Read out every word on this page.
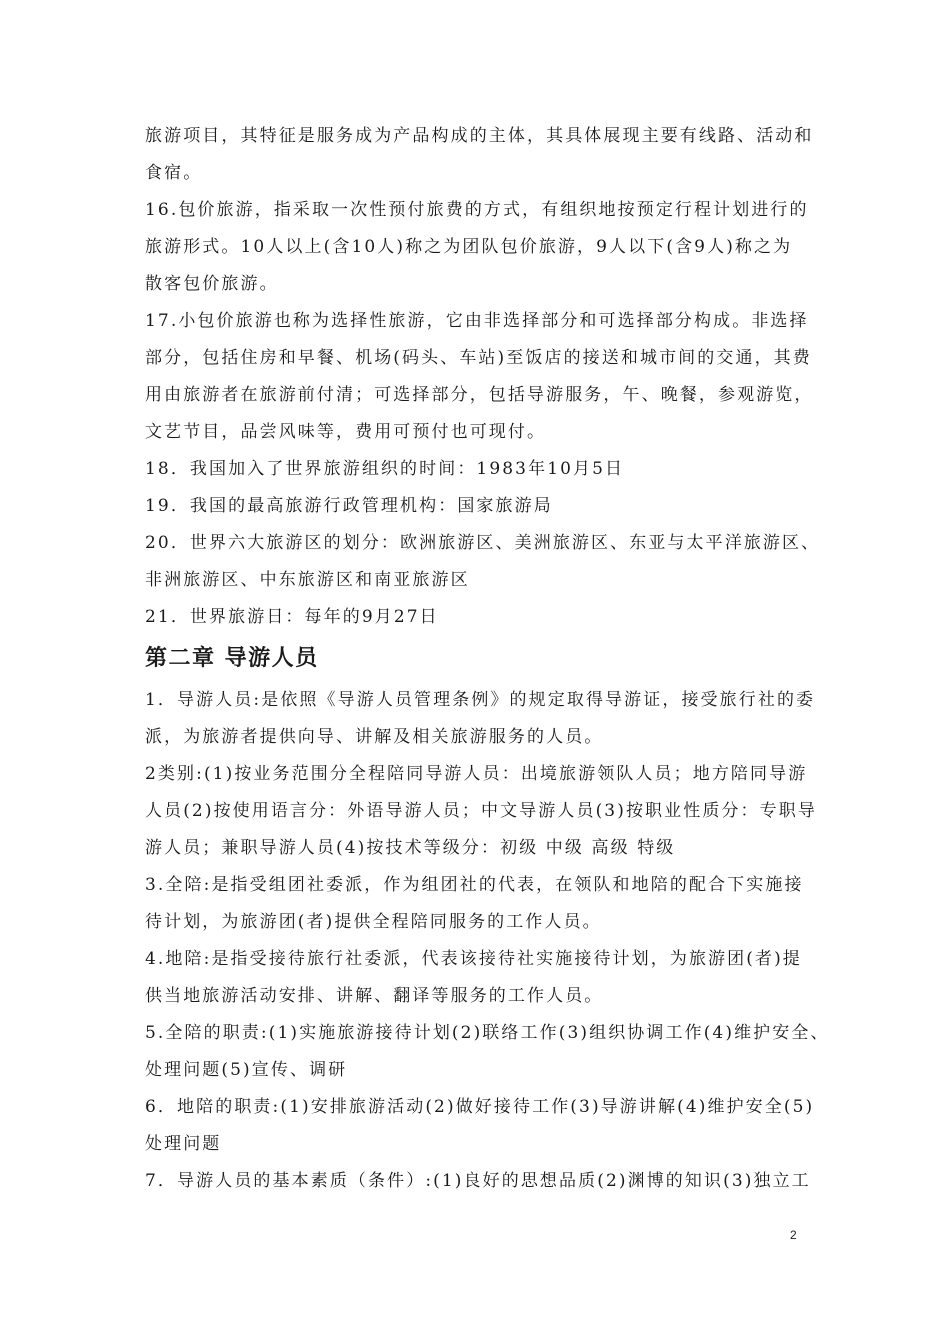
旅游项目，其特征是服务成为产品构成的主体，其具体展现主要有线路、活动和
食宿。
16.包价旅游，指采取一次性预付旅费的方式，有组织地按预定行程计划进行的
旅游形式。10人以上(含10人)称之为团队包价旅游，9人以下(含9人)称之为
散客包价旅游。
17.小包价旅游也称为选择性旅游，它由非选择部分和可选择部分构成。非选择
部分，包括住房和早餐、机场(码头、车站)至饭店的接送和城市间的交通，其费
用由旅游者在旅游前付清；可选择部分，包括导游服务，午、晚餐，参观游览，
文艺节目，品尝风味等，费用可预付也可现付。
18．我国加入了世界旅游组织的时间：1983年10月5日
19．我国的最高旅游行政管理机构：国家旅游局
20．世界六大旅游区的划分：欧洲旅游区、美洲旅游区、东亚与太平洋旅游区、
非洲旅游区、中东旅游区和南亚旅游区
21．世界旅游日：每年的9月27日
第二章 导游人员
1．导游人员:是依照《导游人员管理条例》的规定取得导游证，接受旅行社的委
派，为旅游者提供向导、讲解及相关旅游服务的人员。
2类别:(1)按业务范围分全程陪同导游人员：出境旅游领队人员；地方陪同导游
人员(2)按使用语言分：外语导游人员；中文导游人员(3)按职业性质分：专职导
游人员；兼职导游人员(4)按技术等级分：初级 中级 高级 特级
3.全陪:是指受组团社委派，作为组团社的代表，在领队和地陪的配合下实施接
待计划，为旅游团(者)提供全程陪同服务的工作人员。
4.地陪:是指受接待旅行社委派，代表该接待社实施接待计划，为旅游团(者)提
供当地旅游活动安排、讲解、翻译等服务的工作人员。
5.全陪的职责:(1)实施旅游接待计划(2)联络工作(3)组织协调工作(4)维护安全、
处理问题(5)宣传、调研
6．地陪的职责:(1)安排旅游活动(2)做好接待工作(3)导游讲解(4)维护安全(5)
处理问题
7．导游人员的基本素质（条件）:(1)良好的思想品质(2)渊博的知识(3)独立工
2
